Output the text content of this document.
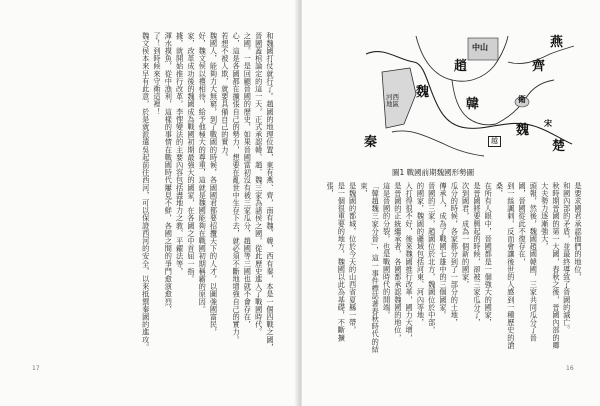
和魏國打仗就行了。趙國的地理位置，東有燕、齊，南有魏、韓，西有秦，本是一個四戰之國，
晉國蓋棺論定的這一天，正式承認韓、趙、魏三家為諸侯之國，從此歷史進入了戰國時代。
之國。一是回顧晉國的歷史，如果晉國當初沒有被三家瓜分，趙國等三國也就不會存在，
心，這是各國都在擴張自己的勢力，想要在亂世中生存下去，就必須不斷地增強自己的實力。
若想不被人欺，就要具備自己的實力。
魏國人，能夠力大無窮，到了戰國的時候，各國國君都要招攬天下的人才，以圖強國富民，
好，魏文侯以禮相待，給予他極大的尊重，這就是魏國能夠在戰國初期稱霸的原因。
家，改革成功後的魏國成為戰國初期最強大的國家，在各國之中首屈一指。
據，就開始推行改革，李悝變法的主要內容包括盡地力之教、平糴法等，
渾水摸魚，從中漁利，這樣的事情在戰國時代屢見不鮮，各國之間的爭鬥愈演愈烈，
了！到時候來守衛這裡！
魏文侯本來早有此意，於是就派遣吳起前往西河，可以保證西河的安全，以來抵禦秦國的進攻。
17
秋時期晉國的第一大國，春秋之後，晉國內部的卿大夫勢力逐漸強大，
頭報，然後，魏國趙國韓國，三家共同瓜分了晉國，晉國從此不復存在，
到一絲諷刺，反而會讓後世的人感到一種歷史的滄桑，
在所有人眼中，晉國都是一個強大的國家，
是晉國將要興起的時候，卻被三家瓜分了，
次到國君，成為一個新的國家，
瓜分的時候，各家都分到了一部分的土地，
傳承人，成為了戰國七雄中的三個國家。
晉國的三家，趙國位於北方，魏國位於中部，
的國家，魏國的疆域包括河東、河內等地，
入打得很不好，後來魏國推行改革，國力大增，
是晉國的正統繼承者，各國都承認魏國的地位，
這是晉國的分裂，也是戰國時代的開端，
「韓趙魏三家分晉」，這一事件標誌著春秋時代的結束，
是魏國的都城，位於今天的山西省夏縣一帶，
是一個很重要的地方，魏國以此為基礎，不斷擴張，	是要求國君承認他們的地位，
和國內部的矛盾，並最終導致了晉國的滅亡。
16
燕
齊
趙
中山
魏
韓
河西地區
魏
秦
宋
楚
衛
越
圖1 戰國前期魏國形勢圖
